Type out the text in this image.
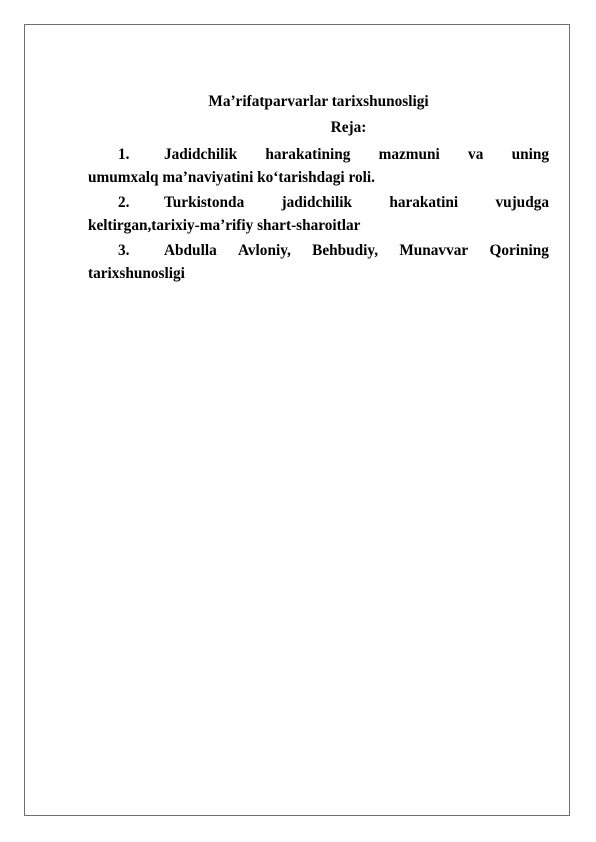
Ma’rifatparvarlar tarixshunosligi

Reja:

1.	Jadidchilik harakatining mazmuni va uning
umumxalq ma’naviyatini ko‘tarishdagi roli.
2.	Turkistonda jadidchilik harakatini vujudga
keltirgan,tarixiy-ma’rifiy shart-sharoitlar
3.	Abdulla Avloniy, Behbudiy, Munavvar Qorining
tarixshunosligi
